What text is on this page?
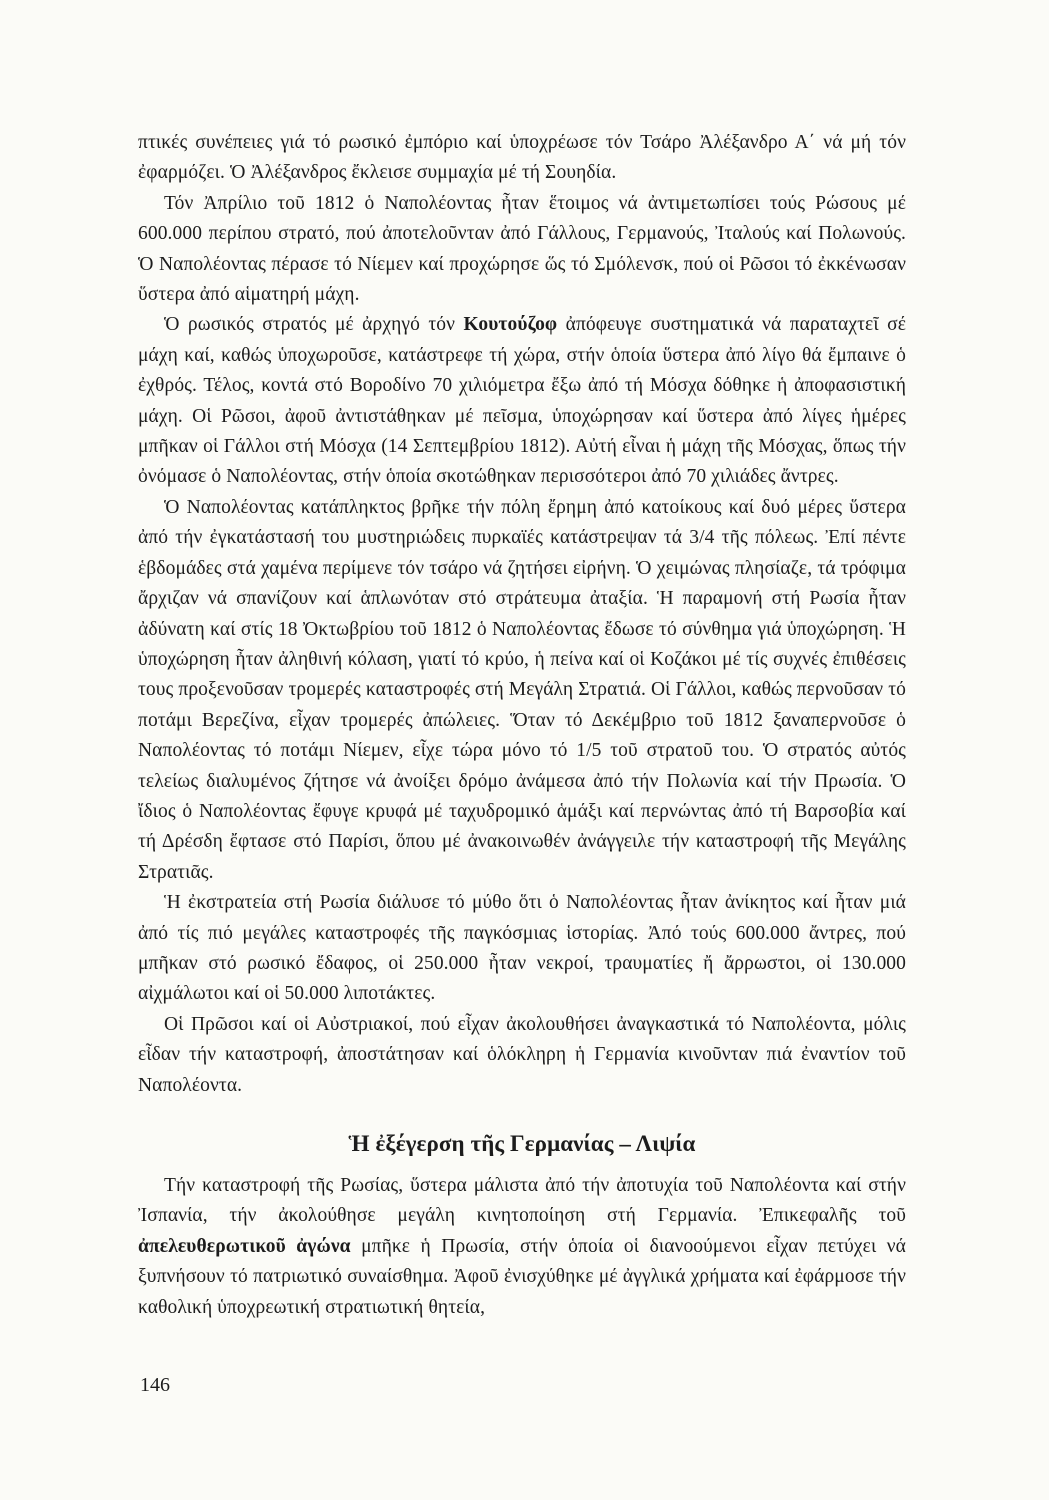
πτικές συνέπειες γιά τό ρωσικό ἐμπόριο καί ὑποχρέωσε τόν Τσάρο Ἀλέξανδρο Α΄ νά μή τόν ἐφαρμόζει. Ὁ Ἀλέξανδρος ἔκλεισε συμμαχία μέ τή Σουηδία.

Τόν Ἀπρίλιο τοῦ 1812 ὁ Ναπολέοντας ἦταν ἕτοιμος νά ἀντιμετωπίσει τούς Ρώσους μέ 600.000 περίπου στρατό, πού ἀποτελοῦνταν ἀπό Γάλλους, Γερμανούς, Ἰταλούς καί Πολωνούς. Ὁ Ναπολέοντας πέρασε τό Νίεμεν καί προχώρησε ὥς τό Σμόλενσκ, πού οἱ Ρῶσοι τό ἐκκένωσαν ὕστερα ἀπό αἱματηρή μάχη.

Ὁ ρωσικός στρατός μέ ἀρχηγό τόν Κουτούζοφ ἀπόφευγε συστηματικά νά παραταχτεῖ σέ μάχη καί, καθώς ὑποχωροῦσε, κατάστρεφε τή χώρα, στήν ὁποία ὕστερα ἀπό λίγο θά ἔμπαινε ὁ ἐχθρός. Τέλος, κοντά στό Βοροδίνο 70 χιλιόμετρα ἔξω ἀπό τή Μόσχα δόθηκε ἡ ἀποφασιστική μάχη. Οἱ Ρῶσοι, ἀφοῦ ἀντιστάθηκαν μέ πεῖσμα, ὑποχώρησαν καί ὕστερα ἀπό λίγες ἡμέρες μπῆκαν οἱ Γάλλοι στή Μόσχα (14 Σεπτεμβρίου 1812). Αὐτή εἶναι ἡ μάχη τῆς Μόσχας, ὅπως τήν ὀνόμασε ὁ Ναπολέοντας, στήν ὁποία σκοτώθηκαν περισσότεροι ἀπό 70 χιλιάδες ἄντρες.

Ὁ Ναπολέοντας κατάπληκτος βρῆκε τήν πόλη ἔρημη ἀπό κατοίκους καί δυό μέρες ὕστερα ἀπό τήν ἐγκατάστασή του μυστηριώδεις πυρκαϊές κατάστρεψαν τά 3/4 τῆς πόλεως. Ἐπί πέντε ἑβδομάδες στά χαμένα περίμενε τόν τσάρο νά ζητήσει εἰρήνη. Ὁ χειμώνας πλησίαζε, τά τρόφιμα ἄρχιζαν νά σπανίζουν καί ἁπλωνόταν στό στράτευμα ἀταξία. Ἡ παραμονή στή Ρωσία ἦταν ἀδύνατη καί στίς 18 Ὀκτωβρίου τοῦ 1812 ὁ Ναπολέοντας ἔδωσε τό σύνθημα γιά ὑποχώρηση. Ἡ ὑποχώρηση ἦταν ἀληθινή κόλαση, γιατί τό κρύο, ἡ πείνα καί οἱ Κοζάκοι μέ τίς συχνές ἐπιθέσεις τους προξενοῦσαν τρομερές καταστροφές στή Μεγάλη Στρατιά. Οἱ Γάλλοι, καθώς περνοῦσαν τό ποτάμι Βερεζίνα, εἶχαν τρομερές ἀπώλειες. Ὅταν τό Δεκέμβριο τοῦ 1812 ξαναπερνοῦσε ὁ Ναπολέοντας τό ποτάμι Νίεμεν, εἶχε τώρα μόνο τό 1/5 τοῦ στρατοῦ του. Ὁ στρατός αὐτός τελείως διαλυμένος ζήτησε νά ἀνοίξει δρόμο ἀνάμεσα ἀπό τήν Πολωνία καί τήν Πρωσία. Ὁ ἴδιος ὁ Ναπολέοντας ἔφυγε κρυφά μέ ταχυδρομικό ἁμάξι καί περνώντας ἀπό τή Βαρσοβία καί τή Δρέσδη ἔφτασε στό Παρίσι, ὅπου μέ ἀνακοινωθέν ἀνάγγειλε τήν καταστροφή τῆς Μεγάλης Στρατιᾶς.

Ἡ ἐκστρατεία στή Ρωσία διάλυσε τό μύθο ὅτι ὁ Ναπολέοντας ἦταν ἀνίκητος καί ἦταν μιά ἀπό τίς πιό μεγάλες καταστροφές τῆς παγκόσμιας ἱστορίας. Ἀπό τούς 600.000 ἄντρες, πού μπῆκαν στό ρωσικό ἔδαφος, οἱ 250.000 ἦταν νεκροί, τραυματίες ἤ ἄρρωστοι, οἱ 130.000 αἰχμάλωτοι καί οἱ 50.000 λιποτάκτες.

Οἱ Πρῶσοι καί οἱ Αὐστριακοί, πού εἶχαν ἀκολουθήσει ἀναγκαστικά τό Ναπολέοντα, μόλις εἶδαν τήν καταστροφή, ἀποστάτησαν καί ὁλόκληρη ἡ Γερμανία κινοῦνταν πιά ἐναντίον τοῦ Ναπολέοντα.

Ἡ ἐξέγερση τῆς Γερμανίας – Λιψία

Τήν καταστροφή τῆς Ρωσίας, ὕστερα μάλιστα ἀπό τήν ἀποτυχία τοῦ Ναπολέοντα καί στήν Ἰσπανία, τήν ἀκολούθησε μεγάλη κινητοποίηση στή Γερμανία. Ἐπικεφαλῆς τοῦ ἀπελευθερωτικοῦ ἀγώνα μπῆκε ἡ Πρωσία, στήν ὁποία οἱ διανοούμενοι εἶχαν πετύχει νά ξυπνήσουν τό πατριωτικό συναίσθημα. Ἀφοῦ ἐνισχύθηκε μέ ἀγγλικά χρήματα καί ἐφάρμοσε τήν καθολική ὑποχρεωτική στρατιωτική θητεία,

146
